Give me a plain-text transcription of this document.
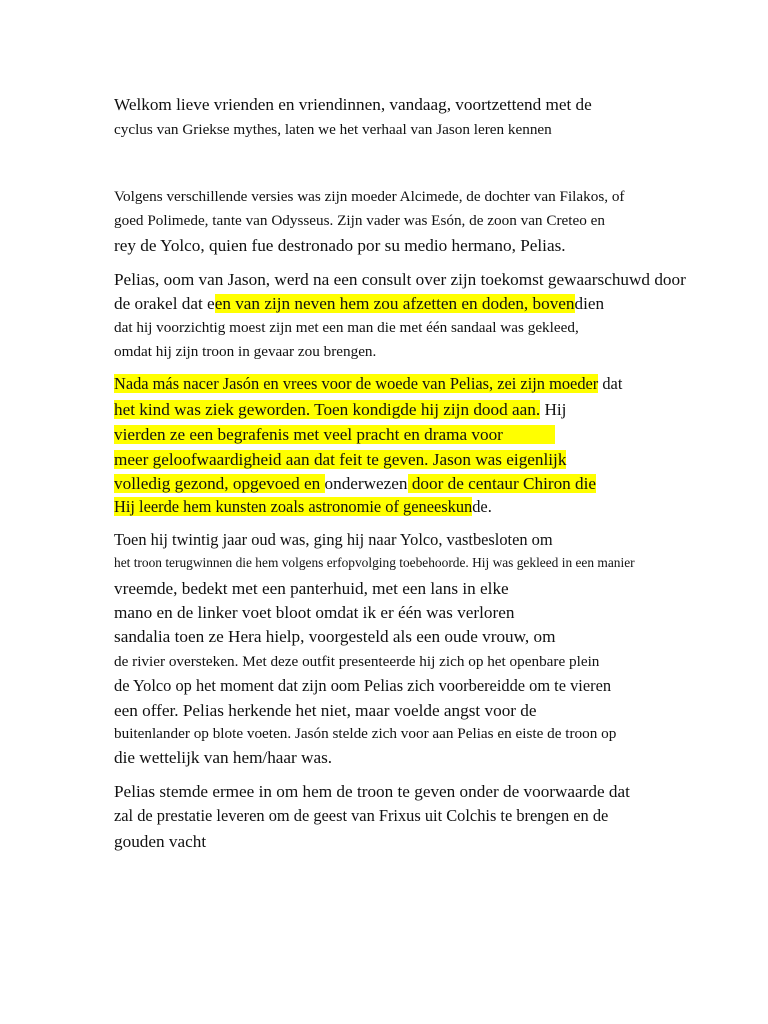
Welkom lieve vrienden en vriendinnen, vandaag, voortzettend met de
cyclus van Griekse mythes, laten we het verhaal van Jason leren kennen
Volgens verschillende versies was zijn moeder Alcimede, de dochter van Filakos, of
goed Polimede, tante van Odysseus. Zijn vader was Esón, de zoon van Creteo en
rey de Yolco, quien fue destronado por su medio hermano, Pelias.
Pelias, oom van Jason, werd na een consult over zijn toekomst gewaarschuwd door
de orakel dat een van zijn neven hem zou afzetten en doden, bovendien
dat hij voorzichtig moest zijn met een man die met één sandaal was gekleed,
omdat hij zijn troon in gevaar zou brengen.
Nada más nacer Jasón en vrees voor de woede van Pelias, zei zijn moeder dat
het kind was ziek geworden. Toen kondigde hij zijn dood aan. Hij
vierden ze een begrafenis met veel pracht en drama voor
meer geloofwaardigheid aan dat feit te geven. Jason was eigenlijk
volledig gezond, opgevoed en onderwezen door de centaur Chiron die
Hij leerde hem kunsten zoals astronomie of geneeskunde.
Toen hij twintig jaar oud was, ging hij naar Yolco, vastbesloten om
het troon terugwinnen die hem volgens erfopvolging toebehoorde. Hij was gekleed in een manier
vreemde, bedekt met een panterhuid, met een lans in elke
mano en de linker voet bloot omdat ik er één was verloren
sandalia toen ze Hera hielp, voorgesteld als een oude vrouw, om
de rivier oversteken. Met deze outfit presenteerde hij zich op het openbare plein
de Yolco op het moment dat zijn oom Pelias zich voorbereidde om te vieren
een offer. Pelias herkende het niet, maar voelde angst voor de
buitenlander op blote voeten. Jasón stelde zich voor aan Pelias en eiste de troon op
die wettelijk van hem/haar was.
Pelias stemde ermee in om hem de troon te geven onder de voorwaarde dat
zal de prestatie leveren om de geest van Frixus uit Colchis te brengen en de
gouden vacht
